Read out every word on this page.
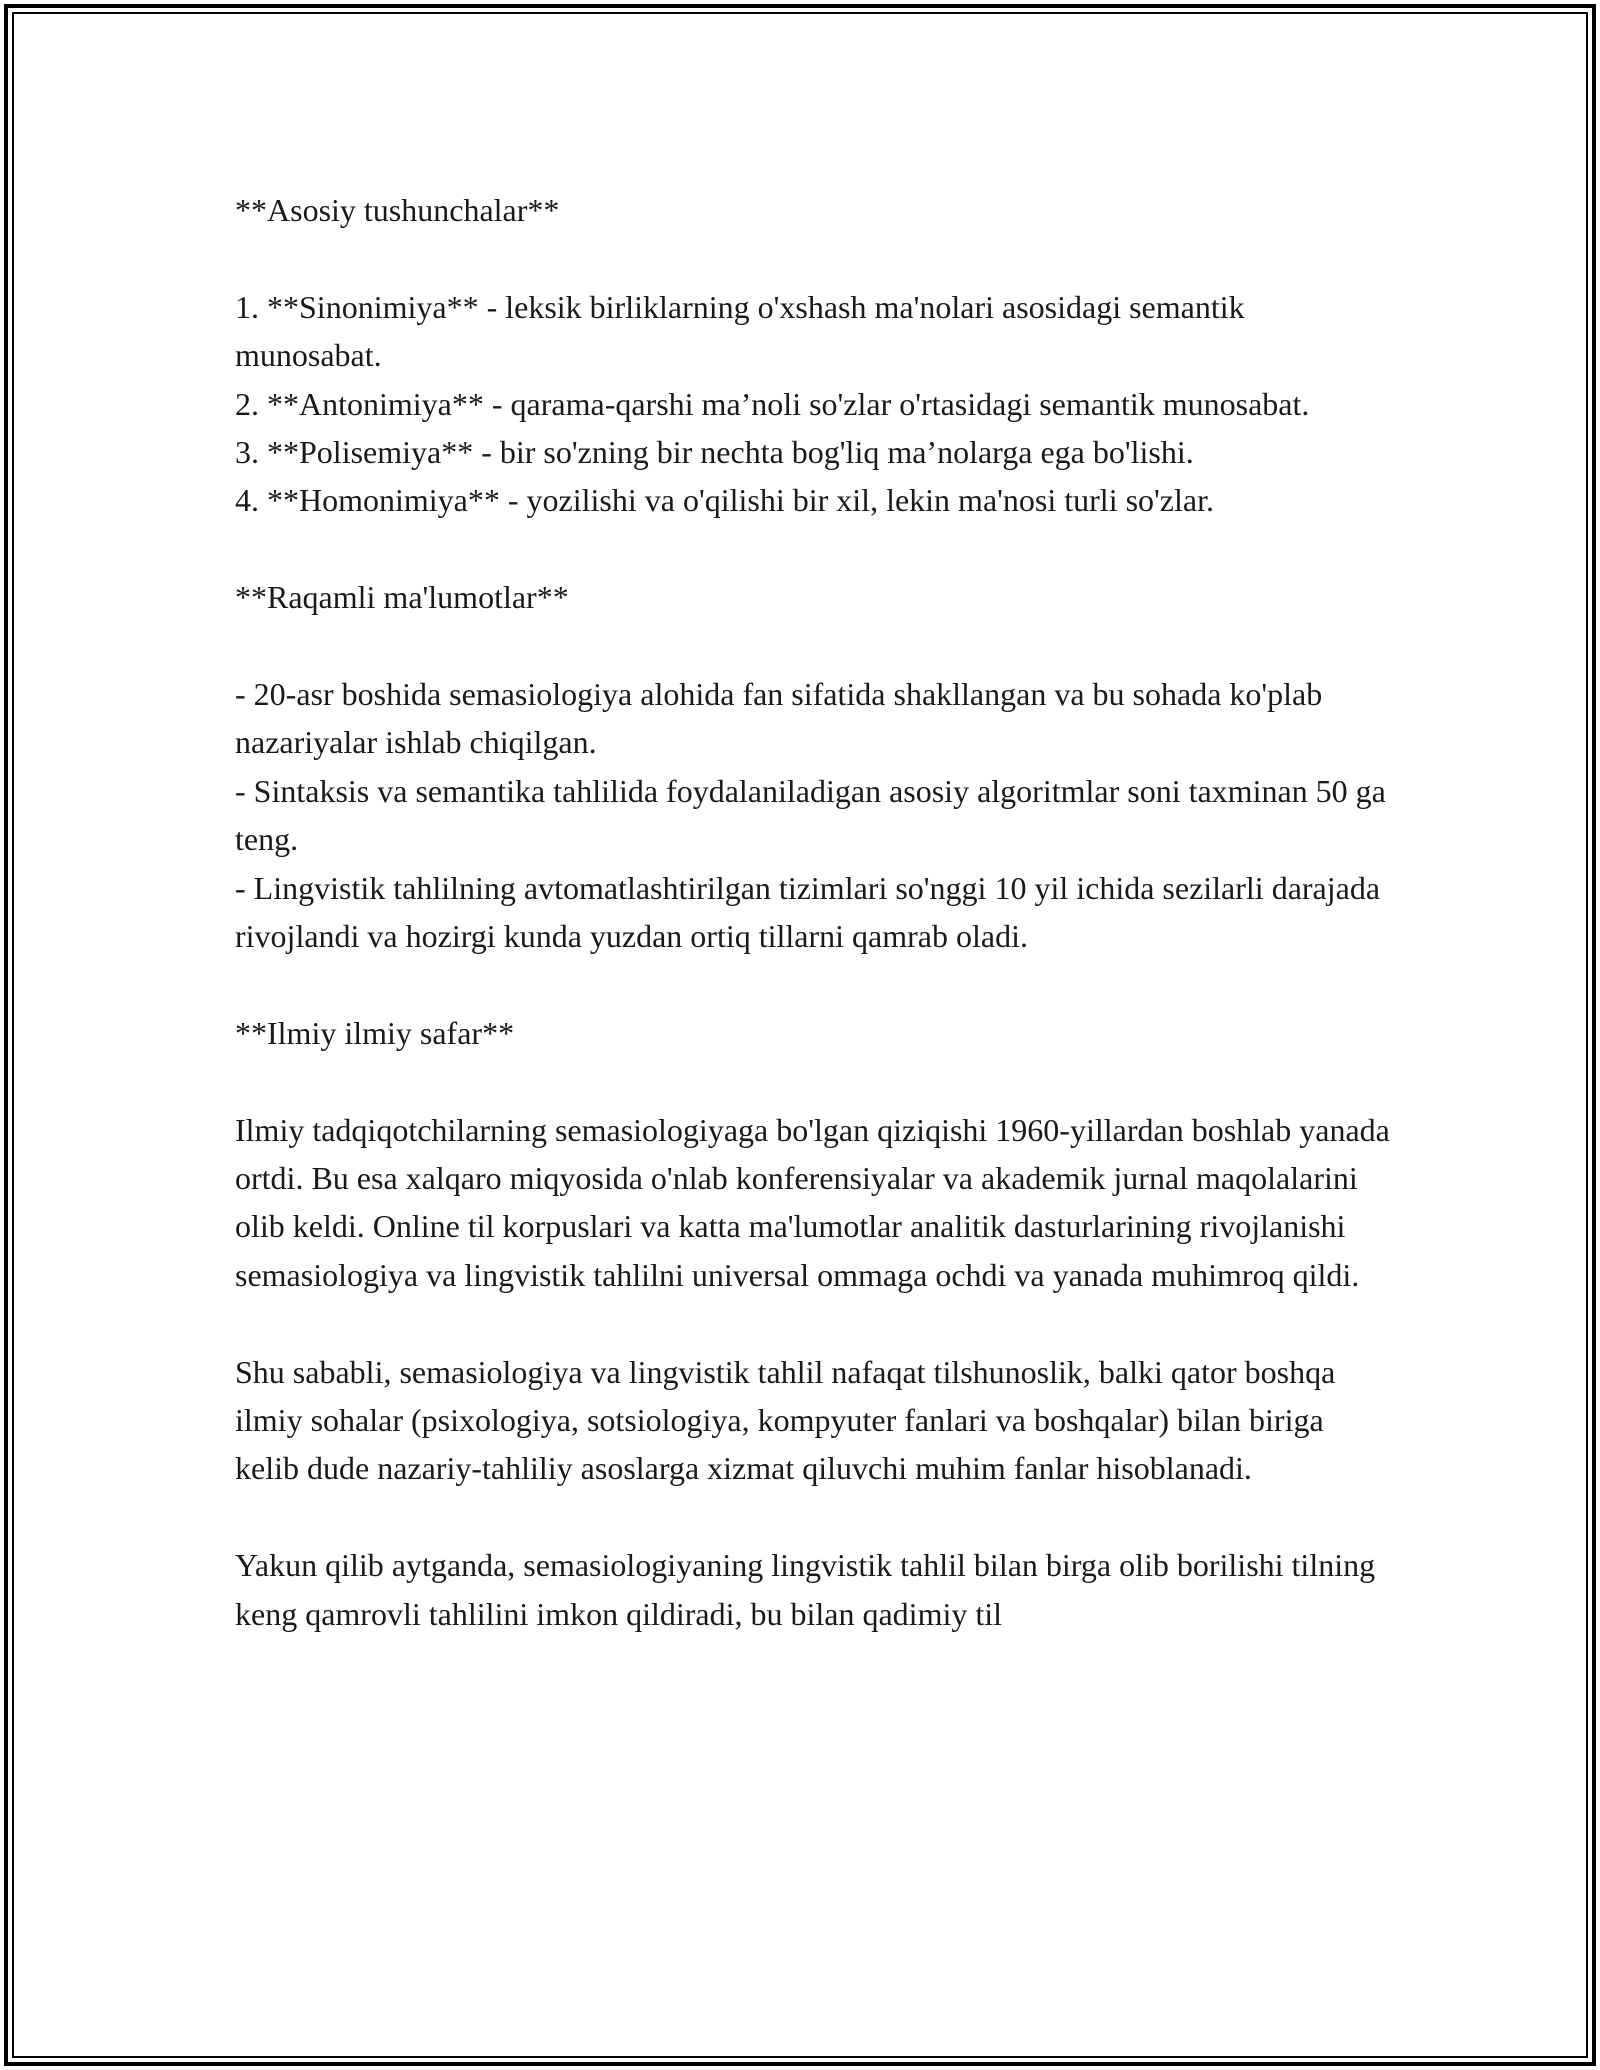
**Asosiy tushunchalar**

1. **Sinonimiya** - leksik birliklarning o'xshash ma'nolari asosidagi semantik munosabat.

2. **Antonimiya** - qarama-qarshi ma’noli so'zlar o'rtasidagi semantik munosabat.

3. **Polisemiya** - bir so'zning bir nechta bog'liq ma’nolarga ega bo'lishi.

4. **Homonimiya** - yozilishi va o'qilishi bir xil, lekin ma'nosi turli so'zlar.

**Raqamli ma'lumotlar**

- 20-asr boshida semasiologiya alohida fan sifatida shakllangan va bu sohada ko'plab nazariyalar ishlab chiqilgan.

- Sintaksis va semantika tahlilida foydalaniladigan asosiy algoritmlar soni taxminan 50 ga teng.

- Lingvistik tahlilning avtomatlashtirilgan tizimlari so'nggi 10 yil ichida sezilarli darajada rivojlandi va hozirgi kunda yuzdan ortiq tillarni qamrab oladi.

**Ilmiy ilmiy safar**

Ilmiy tadqiqotchilarning semasiologiyaga bo'lgan qiziqishi 1960-yillardan boshlab yanada ortdi. Bu esa xalqaro miqyosida o'nlab konferensiyalar va akademik jurnal maqolalarini olib keldi. Online til korpuslari va katta ma'lumotlar analitik dasturlarining rivojlanishi semasiologiya va lingvistik tahlilni universal ommaga ochdi va yanada muhimroq qildi.

Shu sababli, semasiologiya va lingvistik tahlil nafaqat tilshunoslik, balki qator boshqa ilmiy sohalar (psixologiya, sotsiologiya, kompyuter fanlari va boshqalar) bilan biriga kelib dude nazariy-tahliliy asoslarga xizmat qiluvchi muhim fanlar hisoblanadi.

Yakun qilib aytganda, semasiologiyaning lingvistik tahlil bilan birga olib borilishi tilning keng qamrovli tahlilini imkon qildiradi, bu bilan qadimiy til
